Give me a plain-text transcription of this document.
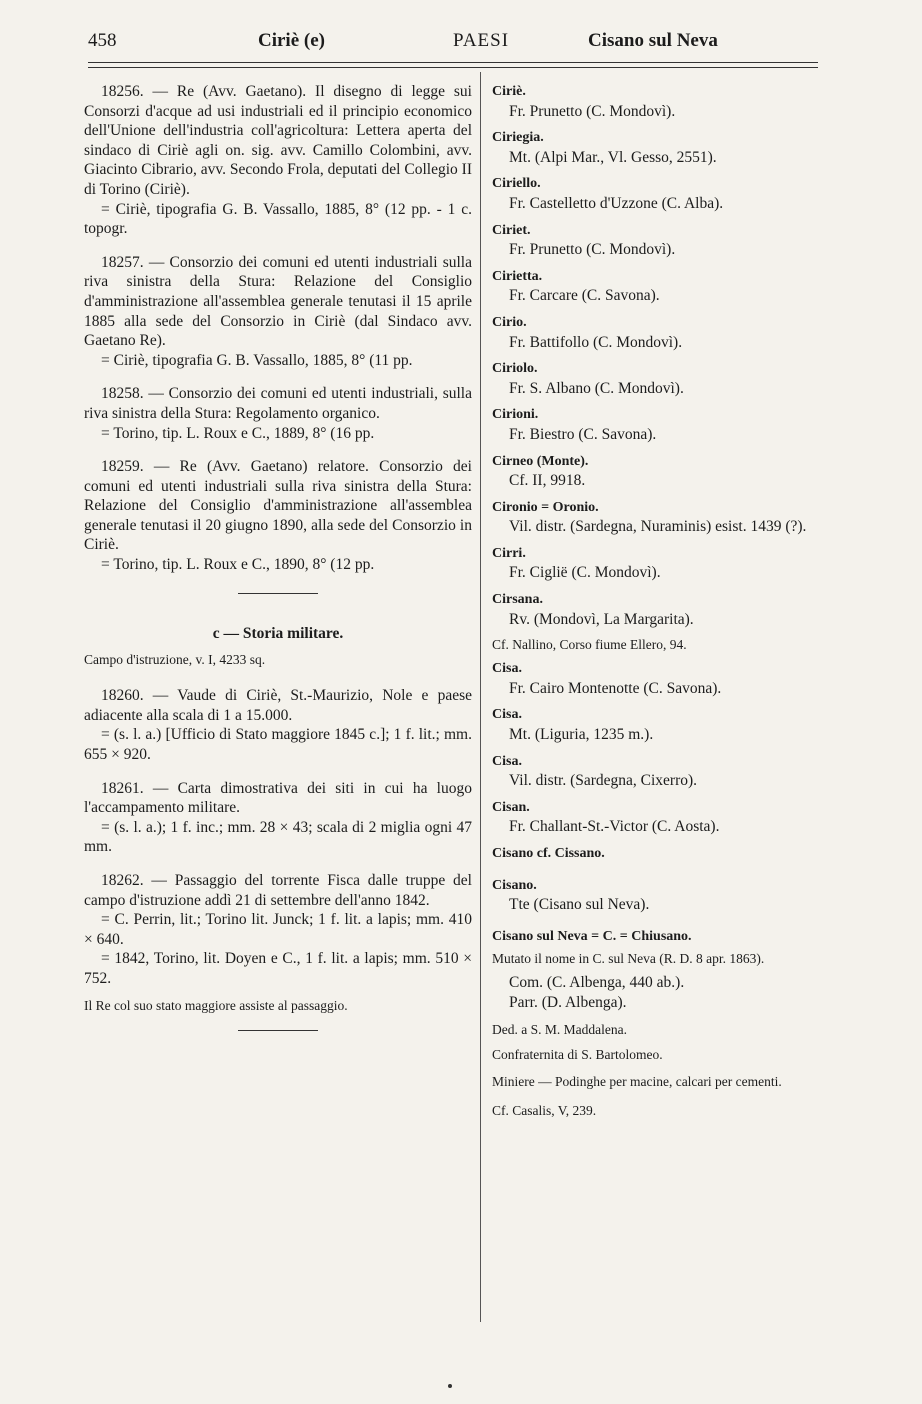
458	Ciriè (e)	PAESI	Cisano sul Neva

18256. — Re (Avv. Gaetano). Il disegno di legge sui Consorzi d'acque ad usi industriali ed il principio economico dell'Unione dell'industria coll'agricoltura: Lettera aperta del sindaco di Ciriè agli on. sig. avv. Camillo Colombini, avv. Giacinto Cibrario, avv. Secondo Frola, deputati del Collegio II di Torino (Ciriè).

= Ciriè, tipografia G. B. Vassallo, 1885, 8° (12 pp. - 1 c. topogr.

18257. — Consorzio dei comuni ed utenti industriali sulla riva sinistra della Stura: Relazione del Consiglio d'amministrazione all'assemblea generale tenutasi il 15 aprile 1885 alla sede del Consorzio in Ciriè (dal Sindaco avv. Gaetano Re).

= Ciriè, tipografia G. B. Vassallo, 1885, 8° (11 pp.

18258. — Consorzio dei comuni ed utenti industriali, sulla riva sinistra della Stura: Regolamento organico.

= Torino, tip. L. Roux e C., 1889, 8° (16 pp.

18259. — Re (Avv. Gaetano) relatore. Consorzio dei comuni ed utenti industriali sulla riva sinistra della Stura: Relazione del Consiglio d'amministrazione all'assemblea generale tenutasi il 20 giugno 1890, alla sede del Consorzio in Ciriè.

= Torino, tip. L. Roux e C., 1890, 8° (12 pp.

c — Storia militare.

Campo d'istruzione, v. I, 4233 sq.

18260. — Vaude di Ciriè, St.-Maurizio, Nole e paese adiacente alla scala di 1 a 15.000.

= (s. l. a.) [Ufficio di Stato maggiore 1845 c.]; 1 f. lit.; mm. 655 × 920.

18261. — Carta dimostrativa dei siti in cui ha luogo l'accampamento militare.

= (s. l. a.); 1 f. inc.; mm. 28 × 43; scala di 2 miglia ogni 47 mm.

18262. — Passaggio del torrente Fisca dalle truppe del campo d'istruzione addì 21 di settembre dell'anno 1842.

= C. Perrin, lit.; Torino lit. Junck; 1 f. lit. a lapis; mm. 410 × 640.

= 1842, Torino, lit. Doyen e C., 1 f. lit. a lapis; mm. 510 × 752.

Il Re col suo stato maggiore assiste al passaggio.

Ciriè.
Fr. Prunetto (C. Mondovì).
Ciriegia.
Mt. (Alpi Mar., Vl. Gesso, 2551).
Ciriello.
Fr. Castelletto d'Uzzone (C. Alba).
Ciriet.
Fr. Prunetto (C. Mondovì).
Cirietta.
Fr. Carcare (C. Savona).
Cirio.
Fr. Battifollo (C. Mondovì).
Ciriolo.
Fr. S. Albano (C. Mondovì).
Cirioni.
Fr. Biestro (C. Savona).
Cirneo (Monte).
Cf. II, 9918.
Cironio = Oronio.
Vil. distr. (Sardegna, Nuraminis) esist. 1439 (?).
Cirri.
Fr. Ciglië (C. Mondovì).
Cirsana.
Rv. (Mondovì, La Margarita).

Cf. Nallino, Corso fiume Ellero, 94.

Cisa.
Fr. Cairo Montenotte (C. Savona).
Cisa.
Mt. (Liguria, 1235 m.).
Cisa.
Vil. distr. (Sardegna, Cixerro).
Cisan.
Fr. Challant-St.-Victor (C. Aosta).
Cisano cf. Cissano.
Cisano.
Tte (Cisano sul Neva).
Cisano sul Neva = C. = Chiusano.
Mutato il nome in C. sul Neva (R. D. 8 apr. 1863).
Com. (C. Albenga, 440 ab.).
Parr. (D. Albenga).
Ded. a S. M. Maddalena.
Confraternita di S. Bartolomeo.
Miniere — Podinghe per macine, calcari per cementi.
Cf. Casalis, V, 239.
